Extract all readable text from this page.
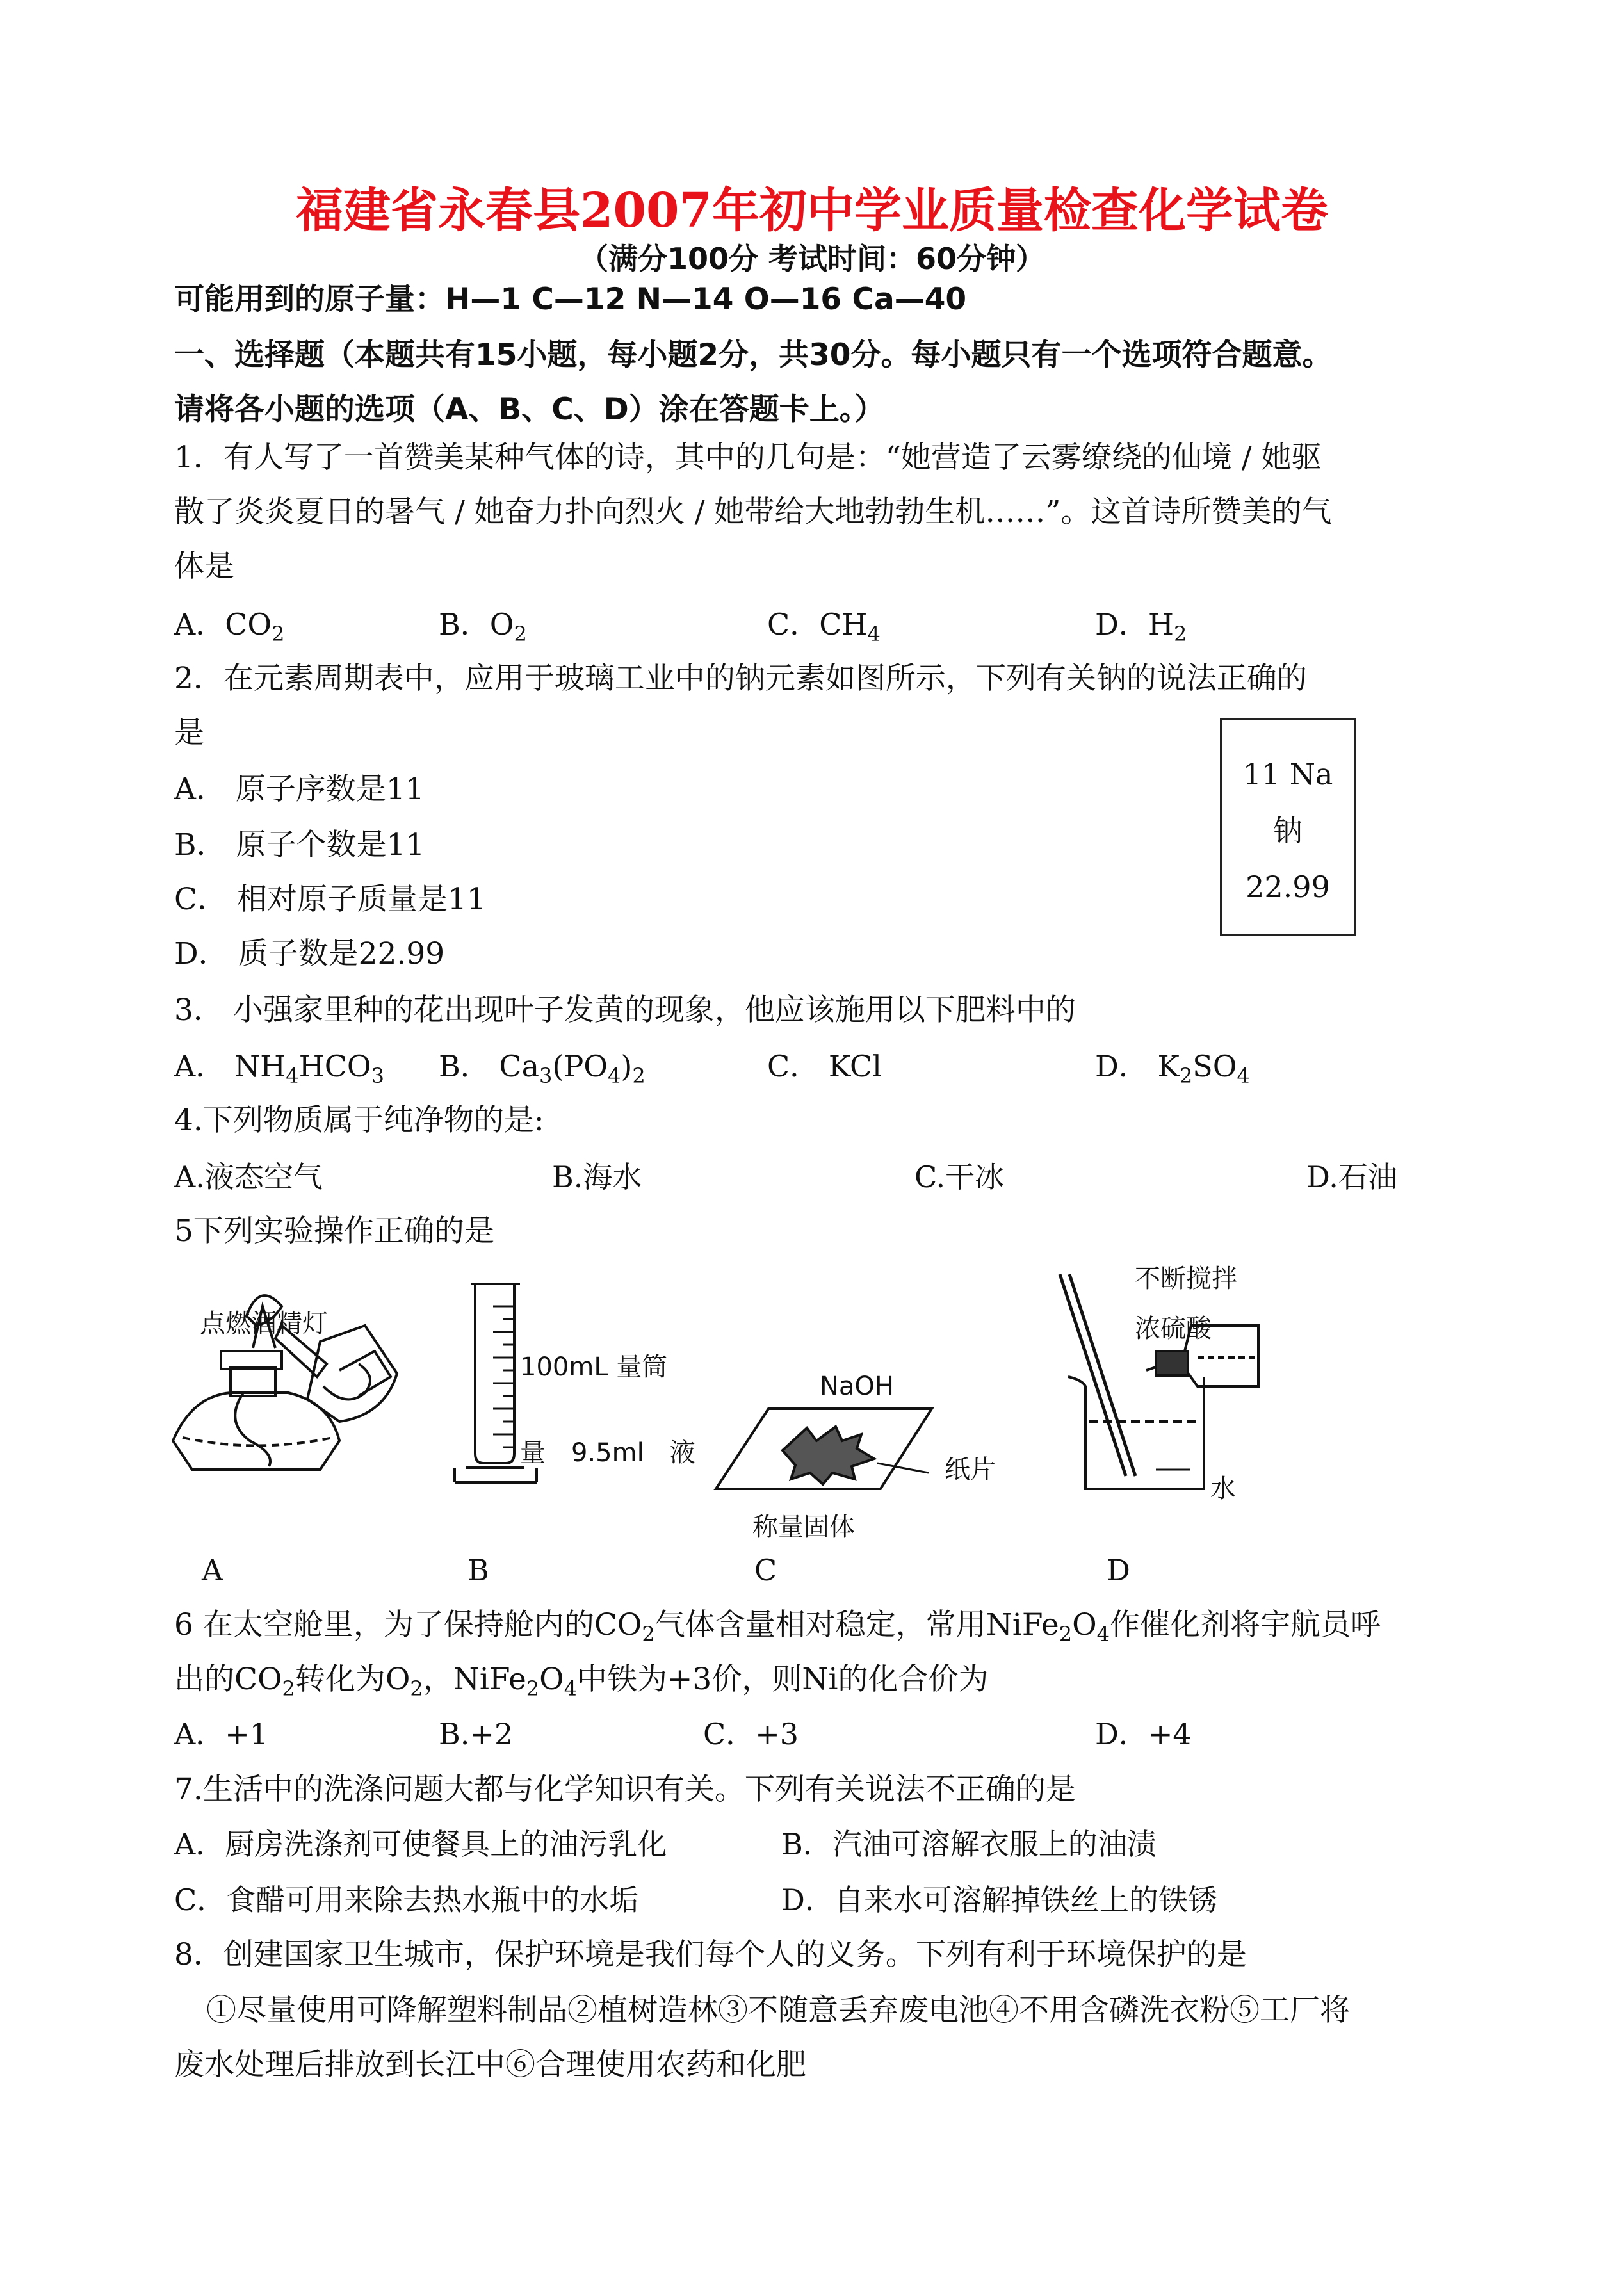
福建省永春县2007年初中学业质量检查化学试卷
（满分100分 考试时间：60分钟）
可能用到的原子量：H—1 C—12 N—14 O—16 Ca—40
一、选择题（本题共有15小题，每小题2分，共30分。每小题只有一个选项符合题意。
请将各小题的选项（A、B、C、D）涂在答题卡上。）
1．有人写了一首赞美某种气体的诗，其中的几句是：“她营造了云雾缭绕的仙境 / 她驱
散了炎炎夏日的暑气 / 她奋力扑向烈火 / 她带给大地勃勃生机……”。这首诗所赞美的气
体是
A．$CO_2$	B．$O_2$	C．$CH_4$	D．$H_2$
2．在元素周期表中，应用于玻璃工业中的钠元素如图所示，下列有关钠的说法正确的
是
A． 原子序数是11
B． 原子个数是11
C． 相对原子质量是11
D． 质子数是22.99
11 Na
钠
22.99
3． 小强家里种的花出现叶子发黄的现象，他应该施用以下肥料中的
A． $NH_4HCO_3$ B． $Ca_3(PO_4)_2$	C． KCl	D． $K_2SO_4$
4.下列物质属于纯净物的是:
A.液态空气	B.海水	C.干冰	D.石油
5下列实验操作正确的是
点燃酒精灯
100mL 量筒
量　9.5ml　液
NaOH
纸片
称量固体
不断搅拌
浓硫酸
水
A	B	C	D
6 在太空舱里，为了保持舱内的$CO_2$气体含量相对稳定，常用$NiFe_2O_4$作催化剂将宇航员呼
出的$CO_2$转化为$O_2$，$NiFe_2O_4$中铁为+3价，则Ni的化合价为
A．+1	B.+2	C．+3	D．+4
7.生活中的洗涤问题大都与化学知识有关。下列有关说法不正确的是
A．厨房洗涤剂可使餐具上的油污乳化	B．汽油可溶解衣服上的油渍
C．食醋可用来除去热水瓶中的水垢	D．自来水可溶解掉铁丝上的铁锈
8．创建国家卫生城市，保护环境是我们每个人的义务。下列有利于环境保护的是
①尽量使用可降解塑料制品②植树造林③不随意丢弃废电池④不用含磷洗衣粉⑤工厂将
废水处理后排放到长江中⑥合理使用农药和化肥
